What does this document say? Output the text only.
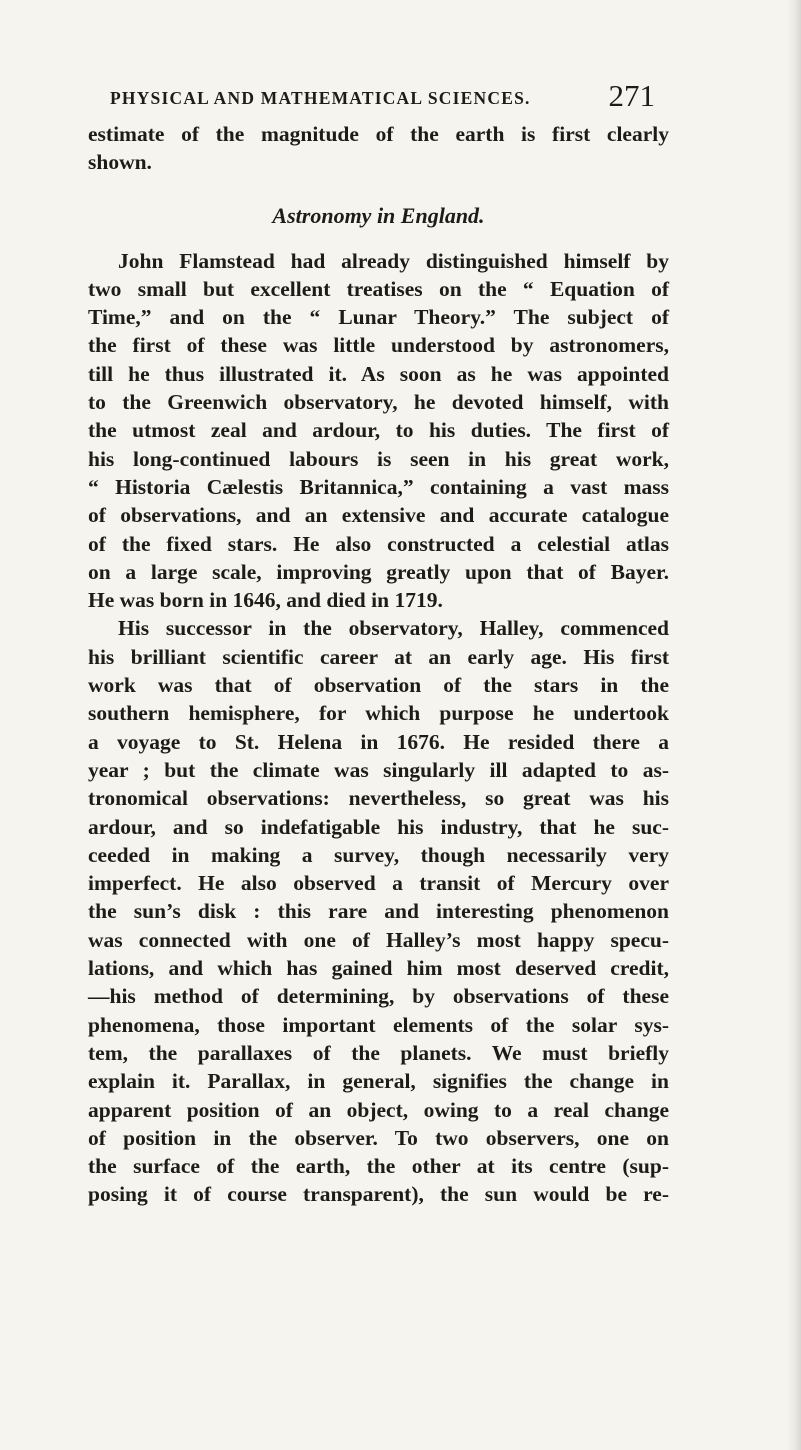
PHYSICAL AND MATHEMATICAL SCIENCES.	271
estimate of the magnitude of the earth is first clearly
shown.
Astronomy in England.
John Flamstead had already distinguished himself by
two small but excellent treatises on the “ Equation of
Time,” and on the “ Lunar Theory.” The subject of
the first of these was little understood by astronomers,
till he thus illustrated it. As soon as he was appointed
to the Greenwich observatory, he devoted himself, with
the utmost zeal and ardour, to his duties. The first of
his long-continued labours is seen in his great work,
“ Historia Cælestis Britannica,” containing a vast mass
of observations, and an extensive and accurate catalogue
of the fixed stars. He also constructed a celestial atlas
on a large scale, improving greatly upon that of Bayer.
He was born in 1646, and died in 1719.
His successor in the observatory, Halley, commenced
his brilliant scientific career at an early age. His first
work was that of observation of the stars in the
southern hemisphere, for which purpose he undertook
a voyage to St. Helena in 1676. He resided there a
year ; but the climate was singularly ill adapted to as-
tronomical observations: nevertheless, so great was his
ardour, and so indefatigable his industry, that he suc-
ceeded in making a survey, though necessarily very
imperfect. He also observed a transit of Mercury over
the sun’s disk : this rare and interesting phenomenon
was connected with one of Halley’s most happy specu-
lations, and which has gained him most deserved credit,
—his method of determining, by observations of these
phenomena, those important elements of the solar sys-
tem, the parallaxes of the planets. We must briefly
explain it. Parallax, in general, signifies the change in
apparent position of an object, owing to a real change
of position in the observer. To two observers, one on
the surface of the earth, the other at its centre (sup-
posing it of course transparent), the sun would be re-
